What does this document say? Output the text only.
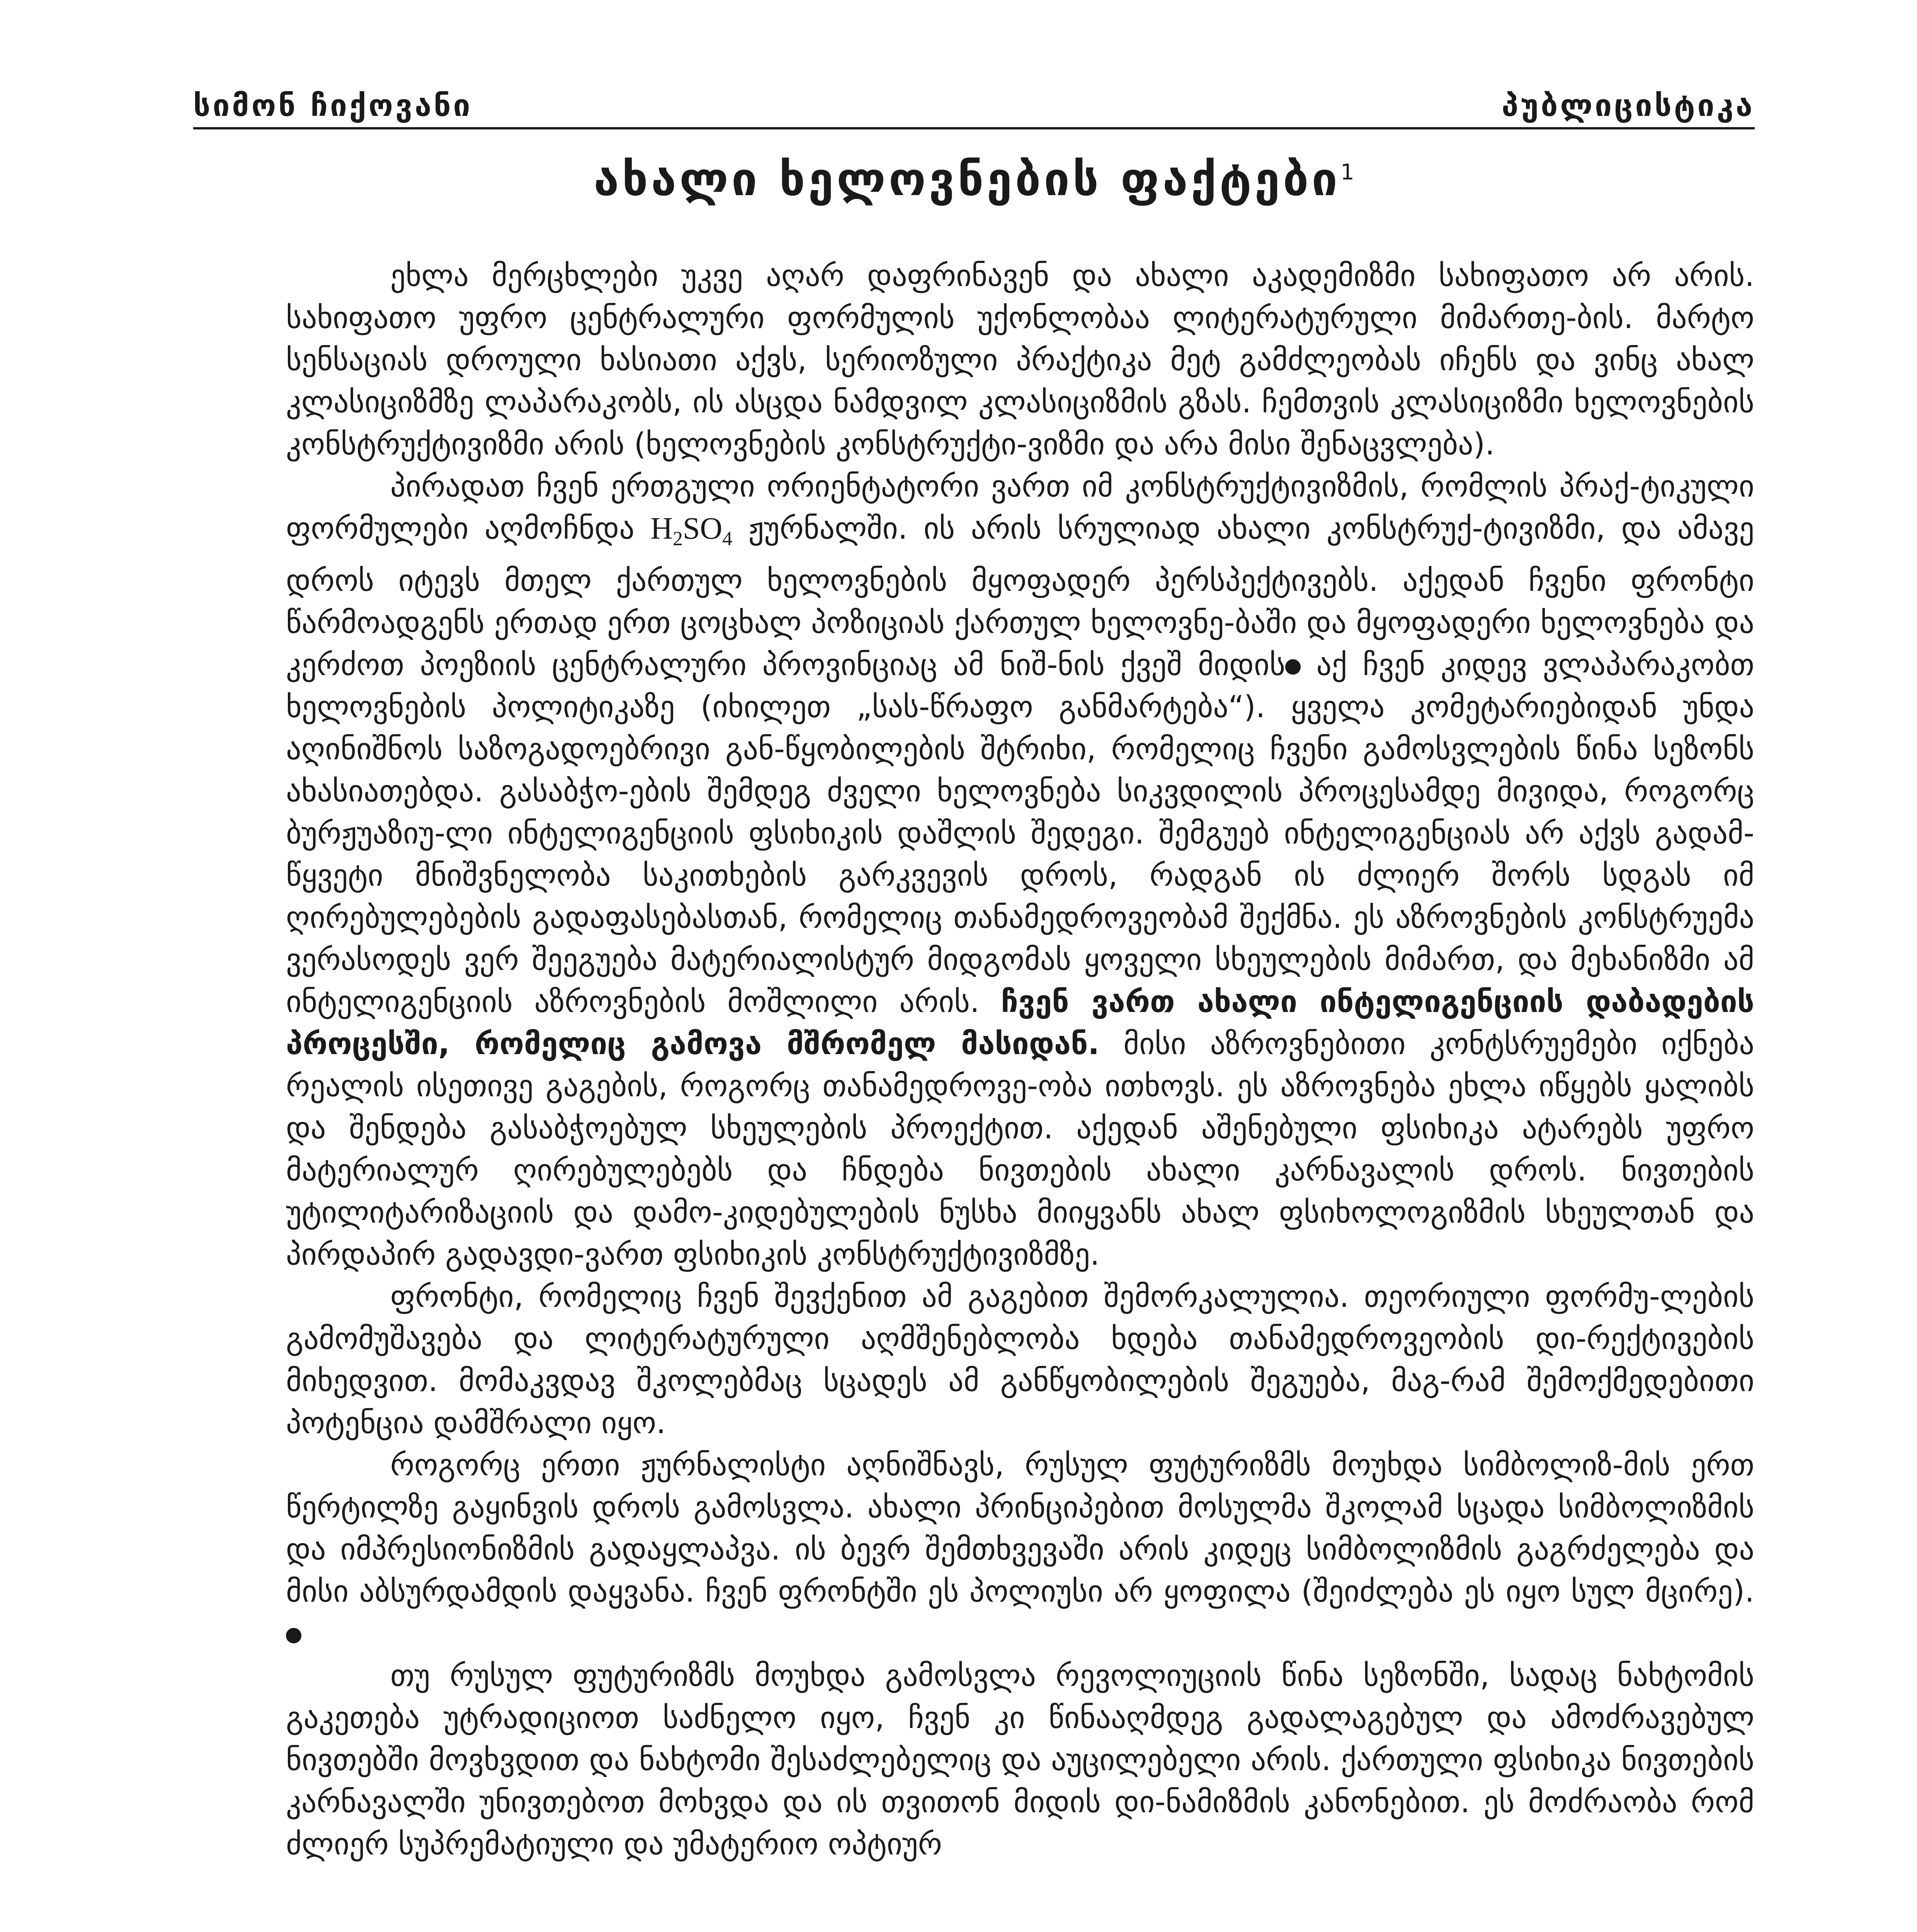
სიმონ ჩიქოვანი	პუბლიცისტიკა
ახალი ხელოვნების ფაქტები$^1$

ეხლა მერცხლები უკვე აღარ დაფრინავენ და ახალი აკადემიზმი სახიფათო არ არის. სახიფათო უფრო ცენტრალური ფორმულის უქონლობაა ლიტერატურული მიმართე-ბის. მარტო სენსაციას დროული ხასიათი აქვს, სერიოზული პრაქტიკა მეტ გამძლეობას იჩენს და ვინც ახალ კლასიციზმზე ლაპარაკობს, ის ასცდა ნამდვილ კლასიციზმის გზას. ჩემთვის კლასიციზმი ხელოვნების კონსტრუქტივიზმი არის (ხელოვნების კონსტრუქტი-ვიზმი და არა მისი შენაცვლება).

პირადათ ჩვენ ერთგული ორიენტატორი ვართ იმ კონსტრუქტივიზმის, რომლის პრაქ-ტიკული ფორმულები აღმოჩნდა $H_2SO_4$ ჟურნალში. ის არის სრულიად ახალი კონსტრუქ-ტივიზმი, და ამავე დროს იტევს მთელ ქართულ ხელოვნების მყოფადერ პერსპექტივებს. აქედან ჩვენი ფრონტი წარმოადგენს ერთად ერთ ცოცხალ პოზიციას ქართულ ხელოვნე-ბაში და მყოფადერი ხელოვნება და კერძოთ პოეზიის ცენტრალური პროვინციაც ამ ნიშ-ნის ქვეშ მიდის აქ ჩვენ კიდევ ვლაპარაკობთ ხელოვნების პოლიტიკაზე (იხილეთ „სას-წრაფო განმარტება“). ყველა კომეტარიებიდან უნდა აღინიშნოს საზოგადოებრივი გან-წყობილების შტრიხი, რომელიც ჩვენი გამოსვლების წინა სეზონს ახასიათებდა. გასაბჭო-ების შემდეგ ძველი ხელოვნება სიკვდილის პროცესამდე მივიდა, როგორც ბურჟუაზიუ-ლი ინტელიგენციის ფსიხიკის დაშლის შედეგი. შემგუებ ინტელიგენციას არ აქვს გადამ-წყვეტი მნიშვნელობა საკითხების გარკვევის დროს, რადგან ის ძლიერ შორს სდგას იმ ღირებულებების გადაფასებასთან, რომელიც თანამედროვეობამ შექმნა. ეს აზროვნების კონსტრუემა ვერასოდეს ვერ შეეგუება მატერიალისტურ მიდგომას ყოველი სხეულების მიმართ, და მეხანიზმი ამ ინტელიგენციის აზროვნების მოშლილი არის. ჩვენ ვართ ახალი ინტელიგენციის დაბადების პროცესში, რომელიც გამოვა მშრომელ მასიდან. მისი აზროვნებითი კონტსრუემები იქნება რეალის ისეთივე გაგების, როგორც თანამედროვე-ობა ითხოვს. ეს აზროვნება ეხლა იწყებს ყალიბს და შენდება გასაბჭოებულ სხეულების პროექტით. აქედან აშენებული ფსიხიკა ატარებს უფრო მატერიალურ ღირებულებებს და ჩნდება ნივთების ახალი კარნავალის დროს. ნივთების უტილიტარიზაციის და დამო-კიდებულების ნუსხა მიიყვანს ახალ ფსიხოლოგიზმის სხეულთან და პირდაპირ გადავდი-ვართ ფსიხიკის კონსტრუქტივიზმზე.

ფრონტი, რომელიც ჩვენ შევქენით ამ გაგებით შემორკალულია. თეორიული ფორმუ-ლების გამომუშავება და ლიტერატურული აღმშენებლობა ხდება თანამედროვეობის დი-რექტივების მიხედვით. მომაკვდავ შკოლებმაც სცადეს ამ განწყობილების შეგუება, მაგ-რამ შემოქმედებითი პოტენცია დამშრალი იყო.

როგორც ერთი ჟურნალისტი აღნიშნავს, რუსულ ფუტურიზმს მოუხდა სიმბოლიზ-მის ერთ წერტილზე გაყინვის დროს გამოსვლა. ახალი პრინციპებით მოსულმა შკოლამ სცადა სიმბოლიზმის და იმპრესიონიზმის გადაყლაპვა. ის ბევრ შემთხვევაში არის კიდეც სიმბოლიზმის გაგრძელება და მისი აბსურდამდის დაყვანა. ჩვენ ფრონტში ეს პოლიუსი არ ყოფილა (შეიძლება ეს იყო სულ მცირე).

თუ რუსულ ფუტურიზმს მოუხდა გამოსვლა რევოლიუციის წინა სეზონში, სადაც ნახტომის გაკეთება უტრადიციოთ საძნელო იყო, ჩვენ კი წინააღმდეგ გადალაგებულ და ამოძრავებულ ნივთებში მოვხვდით და ნახტომი შესაძლებელიც და აუცილებელი არის. ქართული ფსიხიკა ნივთების კარნავალში უნივთებოთ მოხვდა და ის თვითონ მიდის დი-ნამიზმის კანონებით. ეს მოძრაობა რომ ძლიერ სუპრემატიული და უმატერიო ოპტიურ
